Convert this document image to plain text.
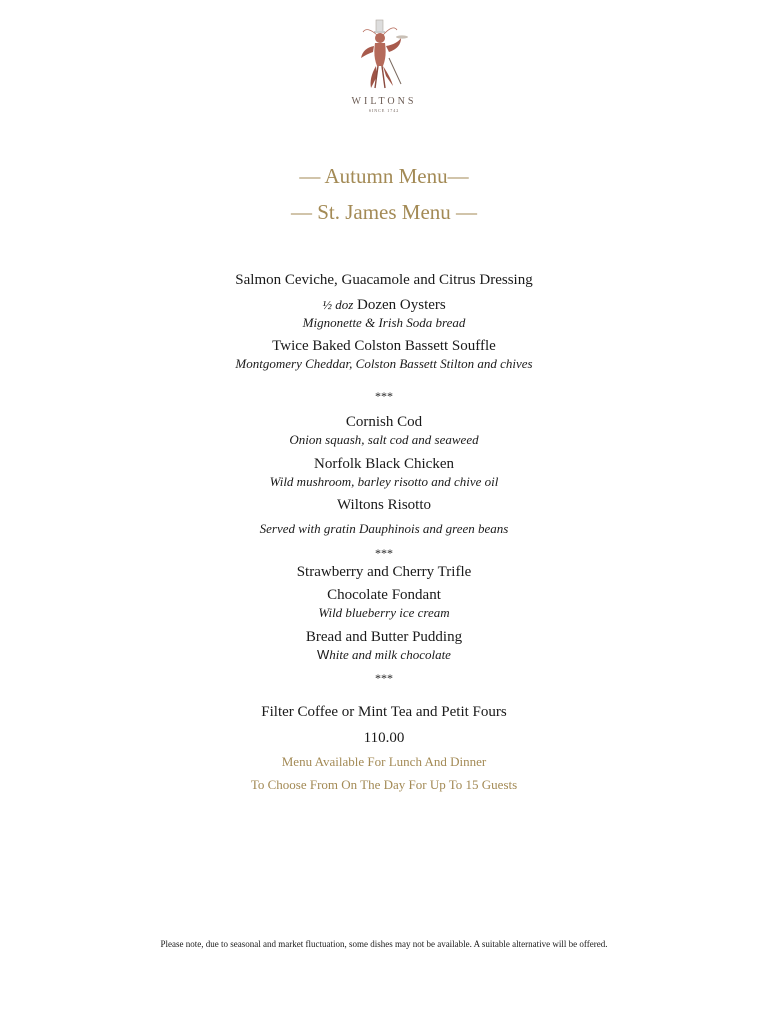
WILTONS
SINCE 1742
— Autumn Menu—
— St. James Menu —
Salmon Ceviche, Guacamole and Citrus Dressing
½ doz Dozen Oysters
Mignonette & Irish Soda bread
Twice Baked Colston Bassett Souffle
Montgomery Cheddar, Colston Bassett Stilton and chives
***
Cornish Cod
Onion squash, salt cod and seaweed
Norfolk Black Chicken
Wild mushroom, barley risotto and chive oil
Wiltons Risotto
Served with gratin Dauphinois and green beans
***
Strawberry and Cherry Trifle
Chocolate Fondant
Wild blueberry ice cream
Bread and Butter Pudding
White and milk chocolate
***
Filter Coffee or Mint Tea and Petit Fours
110.00
Menu Available For Lunch And Dinner
To Choose From On The Day For Up To 15 Guests
Please note, due to seasonal and market fluctuation, some dishes may not be available. A suitable alternative will be offered.
